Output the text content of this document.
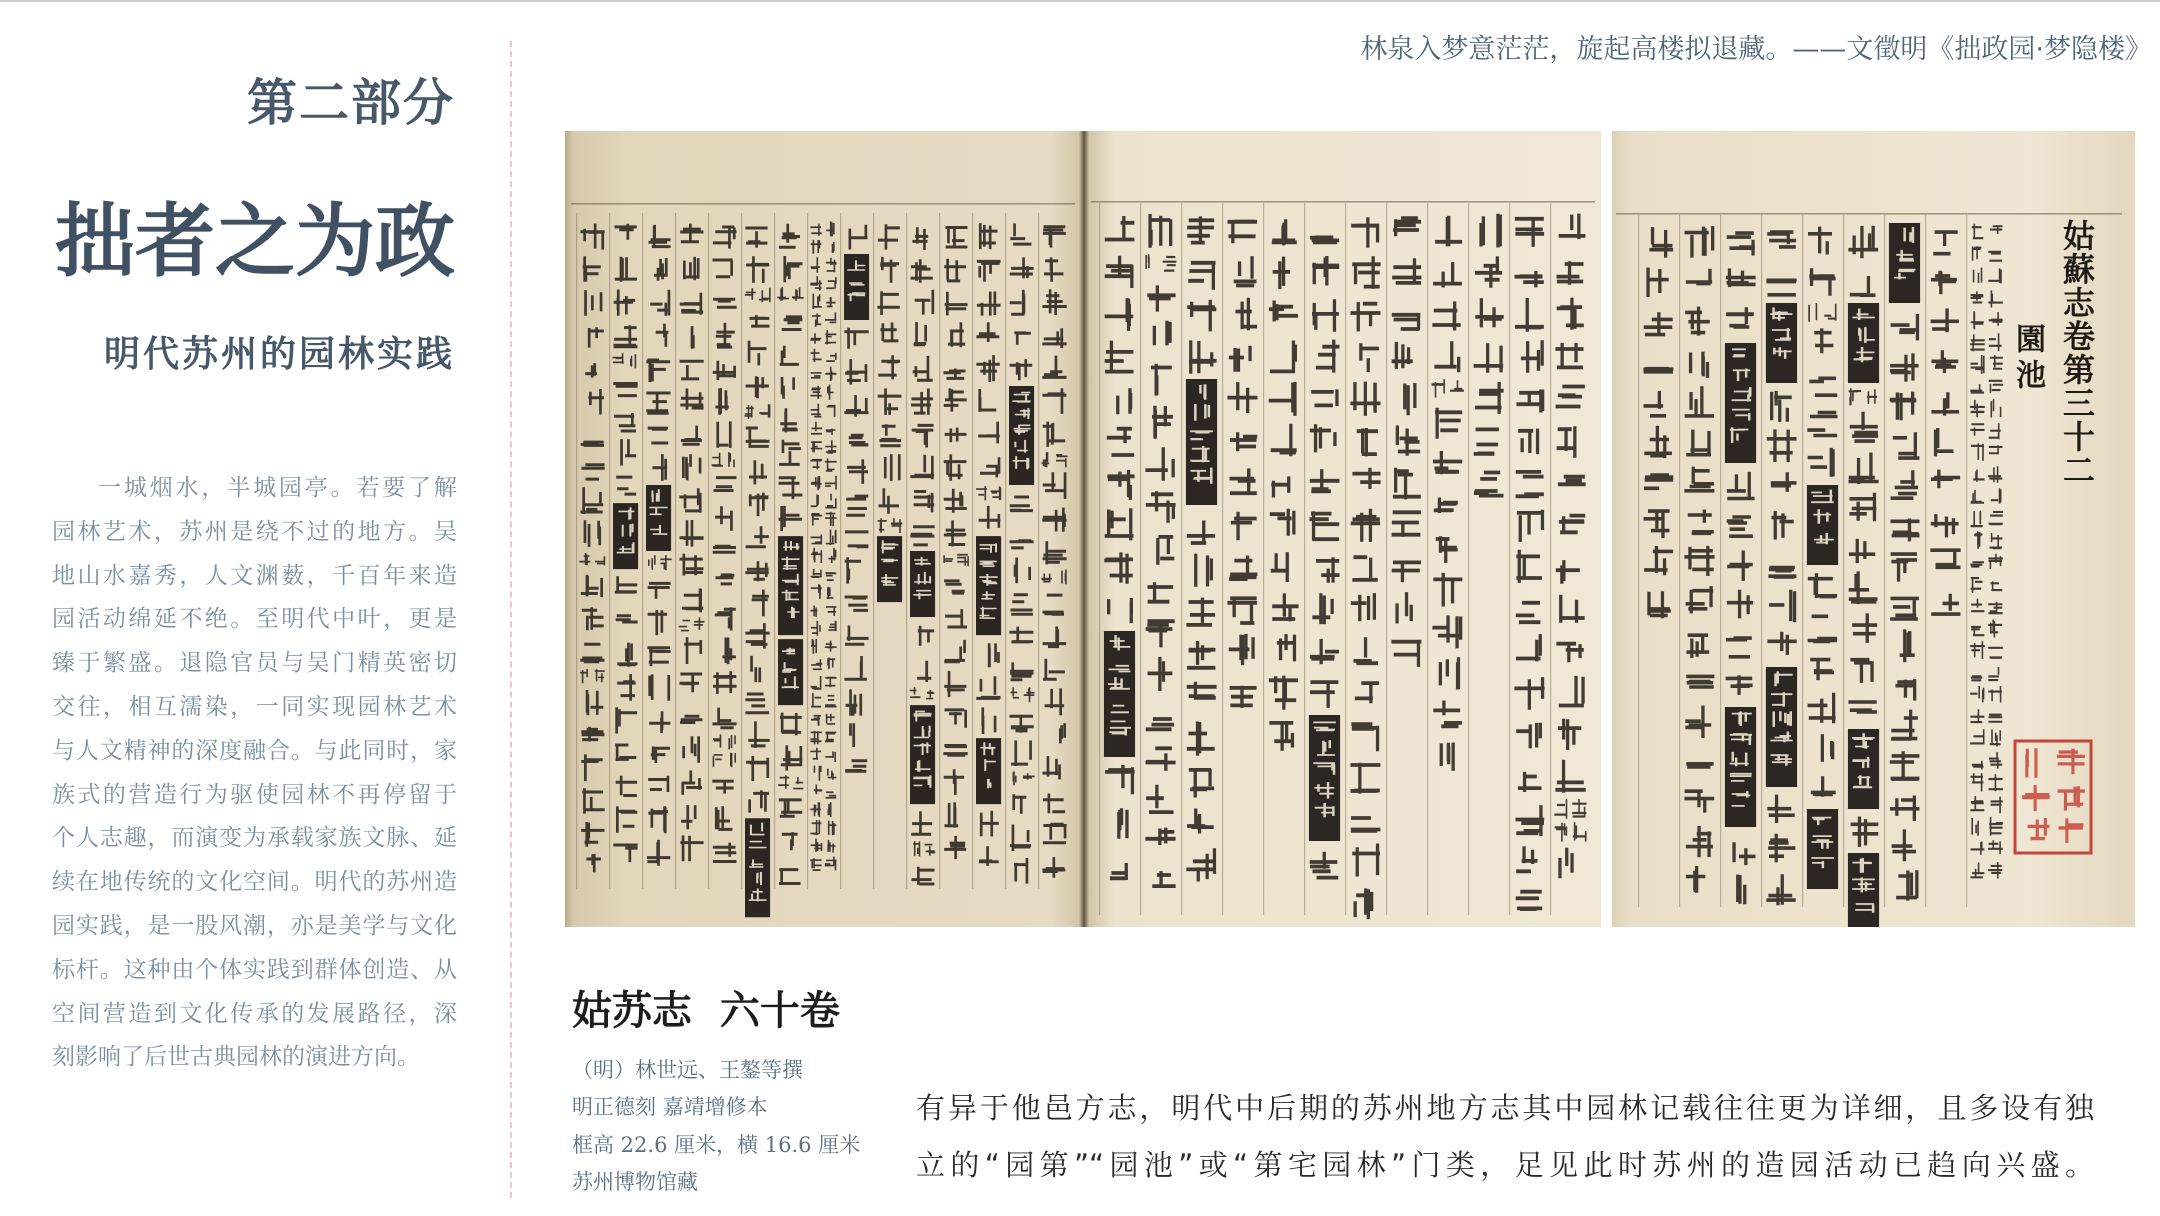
林泉入梦意茫茫，旋起高楼拟退藏。——文徵明《拙政园·梦隐楼》
第二部分
拙者之为政
明代苏州的园林实践
一城烟水，半城园亭。若要了解
园林艺术，苏州是绕不过的地方。吴
地山水嘉秀，人文渊薮，千百年来造
园活动绵延不绝。至明代中叶，更是
臻于繁盛。退隐官员与吴门精英密切
交往，相互濡染，一同实现园林艺术
与人文精神的深度融合。与此同时，家
族式的营造行为驱使园林不再停留于
个人志趣，而演变为承载家族文脉、延
续在地传统的文化空间。明代的苏州造
园实践，是一股风潮，亦是美学与文化
标杆。这种由个体实践到群体创造、从
空间营造到文化传承的发展路径，深
刻影响了后世古典园林的演进方向。
姑蘇志卷第三十二
園池
姑苏志  六十卷
（明）林世远、王鏊等撰
明正德刻 嘉靖增修本
框高 22.6 厘米，横 16.6 厘米
苏州博物馆藏
有异于他邑方志，明代中后期的苏州地方志其中园林记载往往更为详细，且多设有独
立的“园第”“园池”或“第宅园林”门类，足见此时苏州的造园活动已趋向兴盛。
